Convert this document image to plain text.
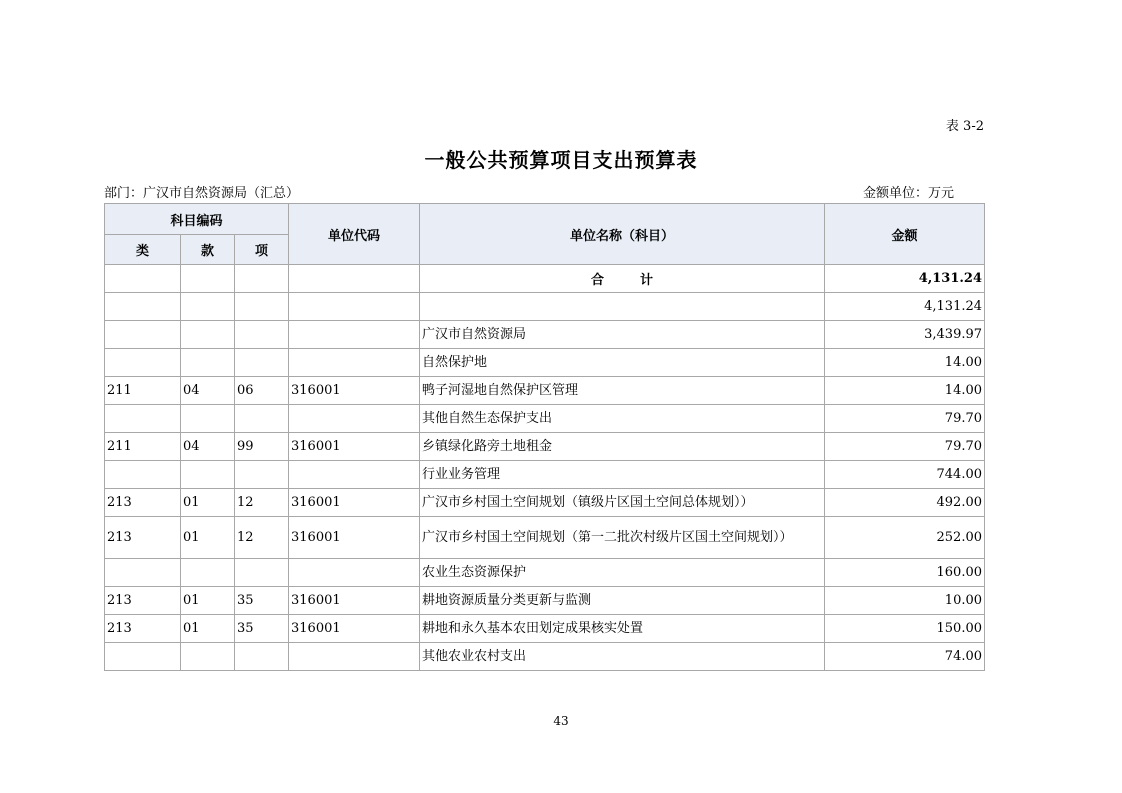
表 3-2
一般公共预算项目支出预算表
部门：广汉市自然资源局（汇总）	金额单位：万元
科目编码			单位代码	单位名称（科目）	金额
类	款	项			
				合 计	4,131.24
					4,131.24
				广汉市自然资源局	3,439.97
				自然保护地	14.00
211	04	06	316001	鸭子河湿地自然保护区管理	14.00
				其他自然生态保护支出	79.70
211	04	99	316001	乡镇绿化路旁土地租金	79.70
				行业业务管理	744.00
213	01	12	316001	广汉市乡村国土空间规划（镇级片区国土空间总体规划））	492.00
213	01	12	316001	广汉市乡村国土空间规划（第一二批次村级片区国土空间规划））	252.00
				农业生态资源保护	160.00
213	01	35	316001	耕地资源质量分类更新与监测	10.00
213	01	35	316001	耕地和永久基本农田划定成果核实处置	150.00
				其他农业农村支出	74.00
43
